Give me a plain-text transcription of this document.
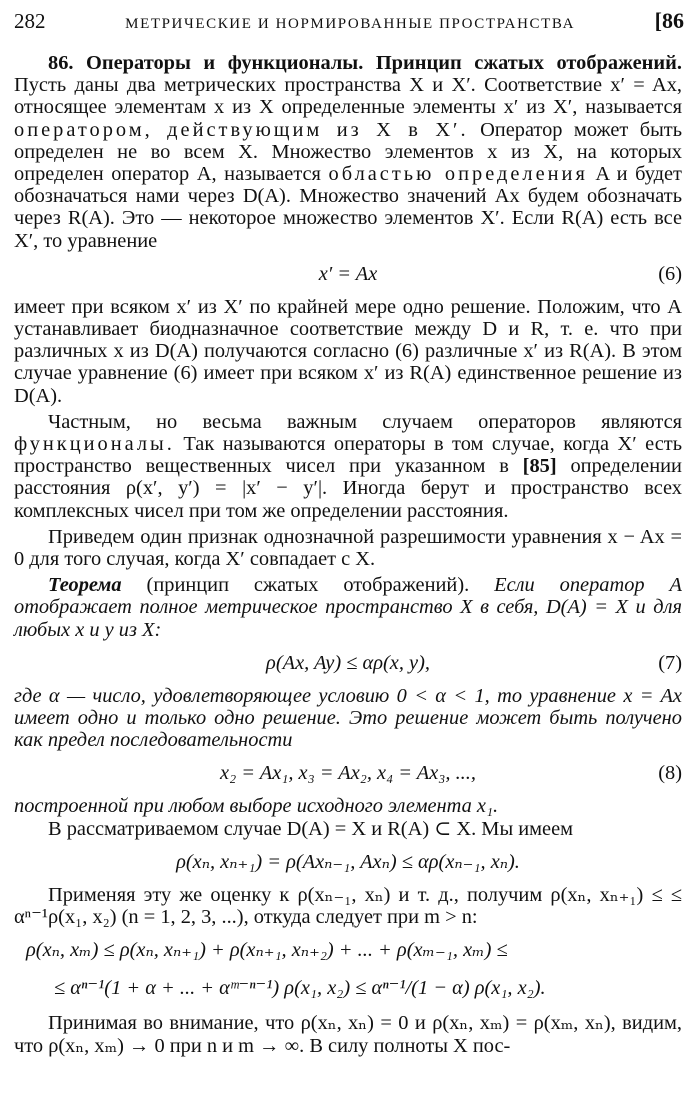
282	МЕТРИЧЕСКИЕ И НОРМИРОВАННЫЕ ПРОСТРАНСТВА	[86

86. Операторы и функционалы. Принцип сжатых отображений. Пусть даны два метрических пространства X и X′. Соответствие x′ = Ax, относящее элементам x из X определенные элементы x′ из X′, называется оператором, действующим из X в X′. Оператор может быть определен не во всем X. Множество элементов x из X, на которых определен оператор A, называется областью определения A и будет обозначаться нами через D(A). Множество значений Ax будем обозначать через R(A). Это — некоторое множество элементов X′. Если R(A) есть все X′, то уравнение

x′ = Ax	(6)

имеет при всяком x′ из X′ по крайней мере одно решение. Положим, что A устанавливает биодназначное соответствие между D и R, т. е. что при различных x из D(A) получаются согласно (6) различные x′ из R(A). В этом случае уравнение (6) имеет при всяком x′ из R(A) единственное решение из D(A).

Частным, но весьма важным случаем операторов являются функционалы. Так называются операторы в том случае, когда X′ есть пространство вещественных чисел при указанном в [85] определении расстояния ρ(x′, y′) = |x′ − y′|. Иногда берут и пространство всех комплексных чисел при том же определении расстояния.

Приведем один признак однозначной разрешимости уравнения x − Ax = 0 для того случая, когда X′ совпадает с X.

Теорема (принцип сжатых отображений). Если оператор A отображает полное метрическое пространство X в себя, D(A) = X и для любых x и y из X:

ρ(Ax, Ay) ≤ αρ(x, y),	(7)

где α — число, удовлетворяющее условию 0 < α < 1, то уравнение x = Ax имеет одно и только одно решение. Это решение может быть получено как предел последовательности

x₂ = Ax₁, x₃ = Ax₂, x₄ = Ax₃, ...,	(8)

построенной при любом выборе исходного элемента x₁.

В рассматриваемом случае D(A) = X и R(A) ⊂ X. Мы имеем

ρ(xₙ, xₙ₊₁) = ρ(Axₙ₋₁, Axₙ) ≤ αρ(xₙ₋₁, xₙ).

Применяя эту же оценку к ρ(xₙ₋₁, xₙ) и т. д., получим ρ(xₙ, xₙ₊₁) ≤ ≤ αⁿ⁻¹ρ(x₁, x₂) (n = 1, 2, 3, ...), откуда следует при m > n:

ρ(xₙ, xₘ) ≤ ρ(xₙ, xₙ₊₁) + ρ(xₙ₊₁, xₙ₊₂) + ... + ρ(xₘ₋₁, xₘ) ≤
≤ αⁿ⁻¹(1 + α + ... + αᵐ⁻ⁿ⁻¹) ρ(x₁, x₂) ≤ αⁿ⁻¹/(1 − α) ρ(x₁, x₂).

Принимая во внимание, что ρ(xₙ, xₙ) = 0 и ρ(xₙ, xₘ) = ρ(xₘ, xₙ), видим, что ρ(xₙ, xₘ) → 0 при n и m → ∞. В силу полноты X пос-
